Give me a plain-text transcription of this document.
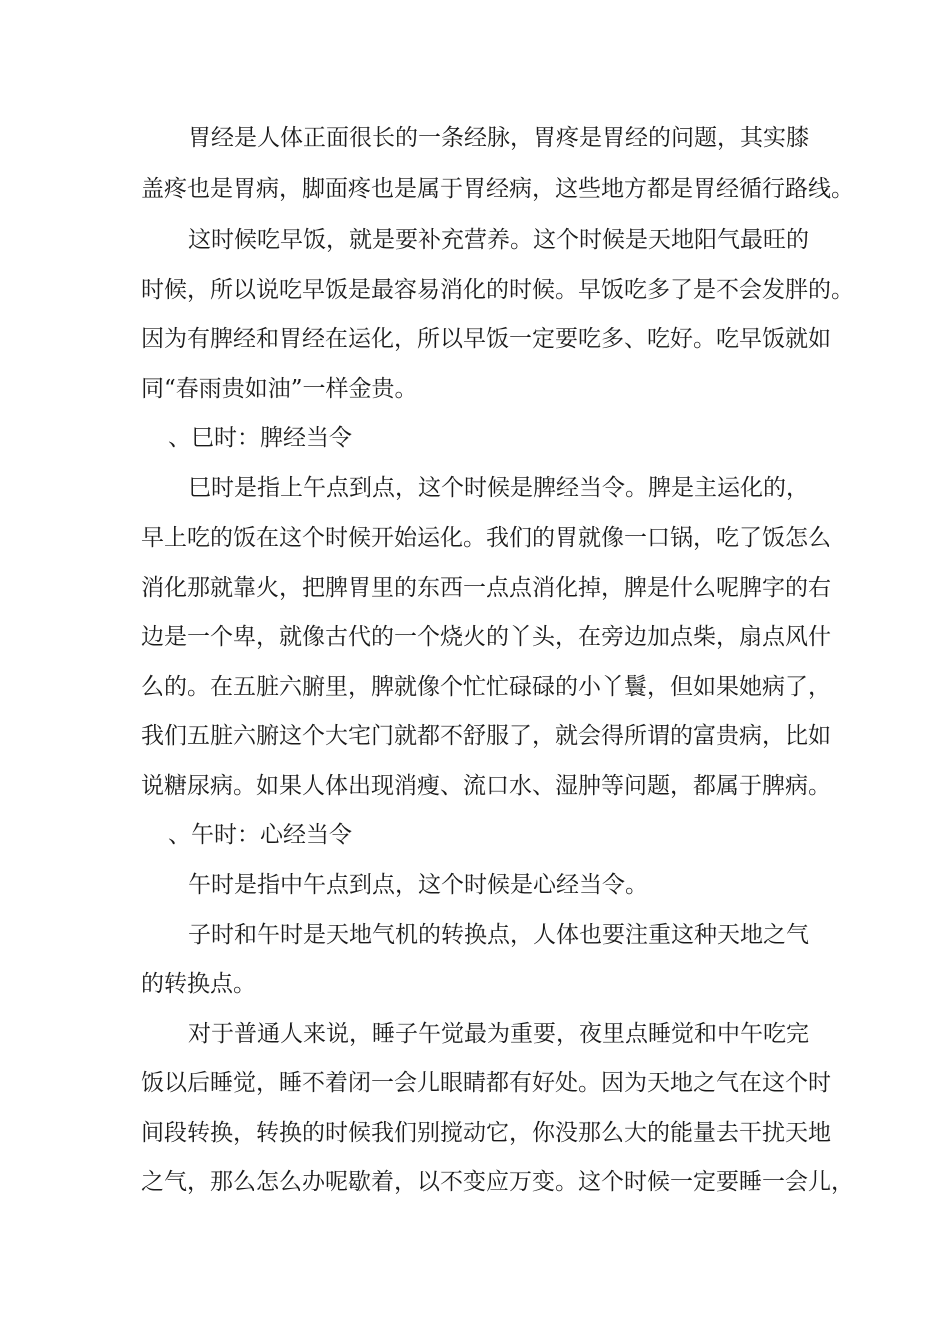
胃经是人体正面很长的一条经脉，胃疼是胃经的问题，其实膝
盖疼也是胃病，脚面疼也是属于胃经病，这些地方都是胃经循行路线。
这时候吃早饭，就是要补充营养。这个时候是天地阳气最旺的
时候，所以说吃早饭是最容易消化的时候。早饭吃多了是不会发胖的。
因为有脾经和胃经在运化，所以早饭一定要吃多、吃好。吃早饭就如
同“春雨贵如油”一样金贵。
、巳时：脾经当令
巳时是指上午点到点，这个时候是脾经当令。脾是主运化的，
早上吃的饭在这个时候开始运化。我们的胃就像一口锅，吃了饭怎么
消化那就靠火，把脾胃里的东西一点点消化掉，脾是什么呢脾字的右
边是一个卑，就像古代的一个烧火的丫头，在旁边加点柴，扇点风什
么的。在五脏六腑里，脾就像个忙忙碌碌的小丫鬟，但如果她病了，
我们五脏六腑这个大宅门就都不舒服了，就会得所谓的富贵病，比如
说糖尿病。如果人体出现消瘦、流口水、湿肿等问题，都属于脾病。
、午时：心经当令
午时是指中午点到点，这个时候是心经当令。
子时和午时是天地气机的转换点，人体也要注重这种天地之气
的转换点。
对于普通人来说，睡子午觉最为重要，夜里点睡觉和中午吃完
饭以后睡觉，睡不着闭一会儿眼睛都有好处。因为天地之气在这个时
间段转换，转换的时候我们别搅动它，你没那么大的能量去干扰天地
之气，那么怎么办呢歇着，以不变应万变。这个时候一定要睡一会儿，
